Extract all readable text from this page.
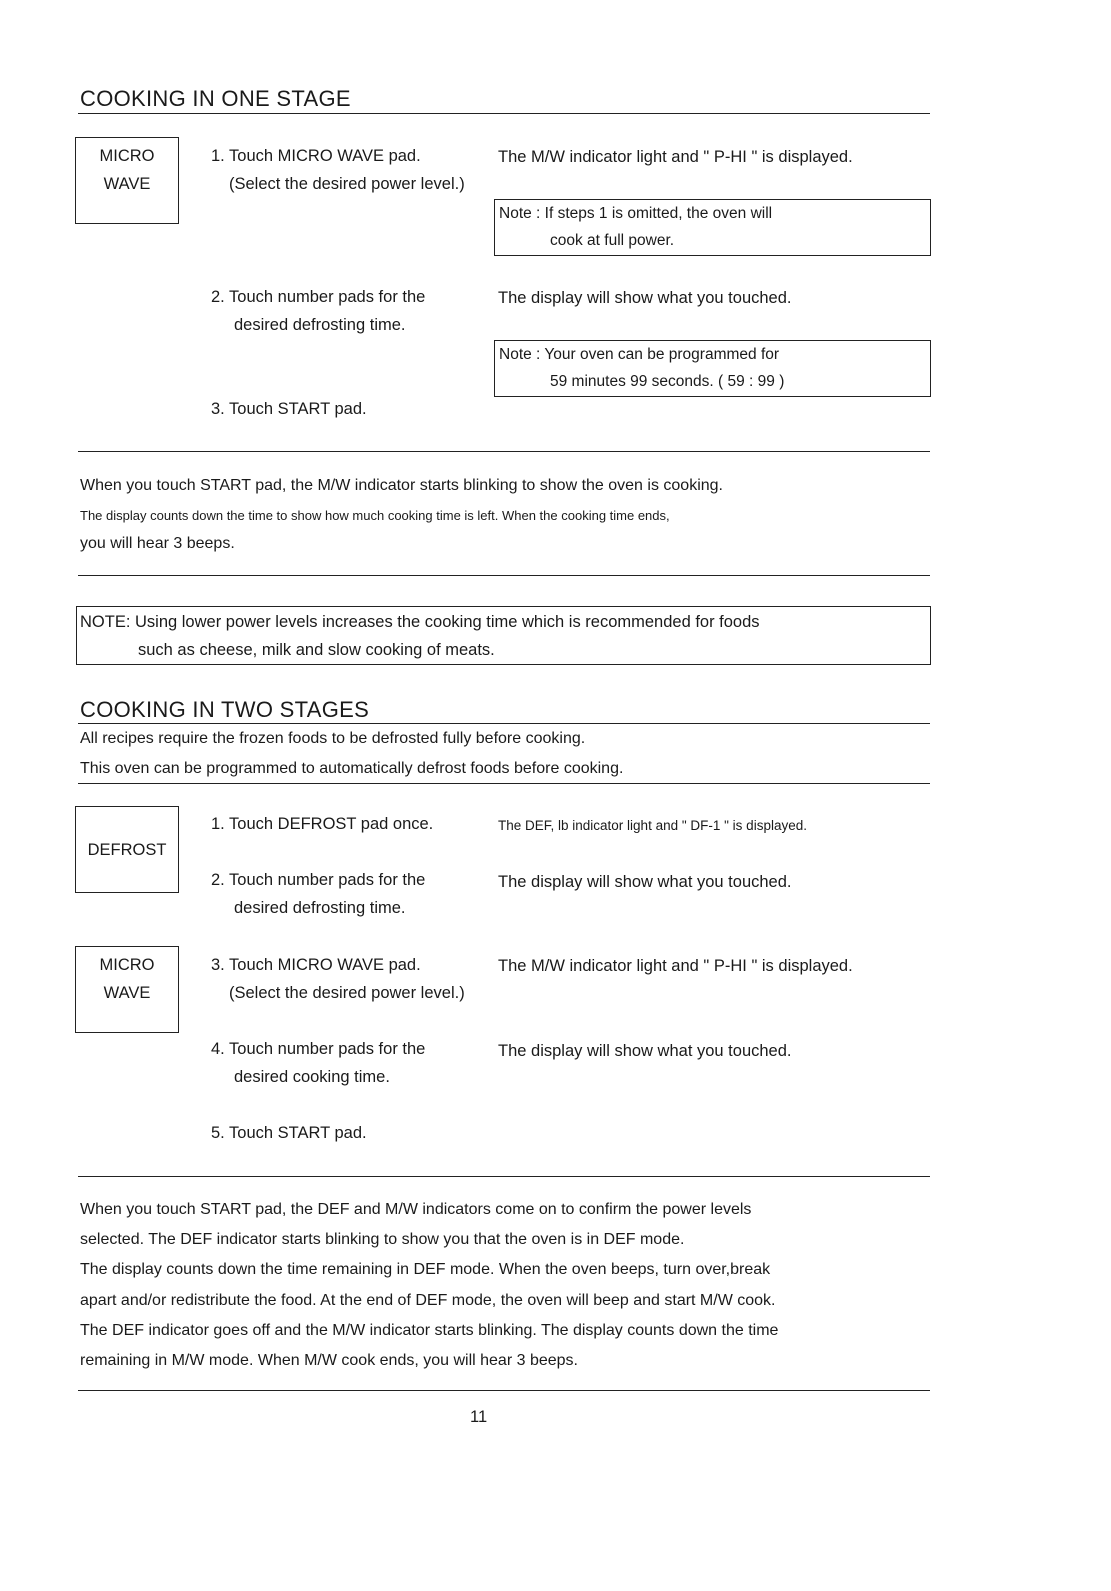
COOKING IN ONE STAGE
MICRO
WAVE
1. Touch MICRO WAVE pad.
(Select the desired power level.)
The M/W indicator light and " P-HI " is displayed.
Note : If steps 1 is omitted, the oven will
cook at full power.
2. Touch number pads for the
desired defrosting time.
The display will show what you touched.
Note : Your oven can be programmed for
59 minutes 99 seconds. ( 59 : 99 )
3. Touch START pad.
When you touch START pad, the M/W indicator starts blinking to show the oven is cooking.
The display counts down the time to show how much cooking time is left. When the cooking time ends,
you will hear 3 beeps.
NOTE: Using lower power levels increases the cooking time which is recommended for foods
such as cheese, milk and slow cooking of meats.
COOKING IN TWO STAGES
All recipes require the frozen foods to be defrosted fully before cooking.
This oven can be programmed to automatically defrost foods before cooking.
DEFROST
1. Touch DEFROST pad once.	The DEF, lb indicator light and " DF-1 " is displayed.
2. Touch number pads for the
desired defrosting time.
The display will show what you touched.
MICRO
WAVE
3. Touch MICRO WAVE pad.
(Select the desired power level.)
The M/W indicator light and " P-HI " is displayed.
4. Touch number pads for the
desired cooking time.
The display will show what you touched.
5. Touch START pad.
When you touch START pad, the DEF and M/W indicators come on to confirm the power levels
selected. The DEF indicator starts blinking to show you that the oven is in DEF mode.
The display counts down the time remaining in DEF mode. When the oven beeps, turn over,break
apart and/or redistribute the food. At the end of DEF mode, the oven will beep and start M/W cook.
The DEF indicator goes off and the M/W indicator starts blinking. The display counts down the time
remaining in M/W mode. When M/W cook ends, you will hear 3 beeps.
11
